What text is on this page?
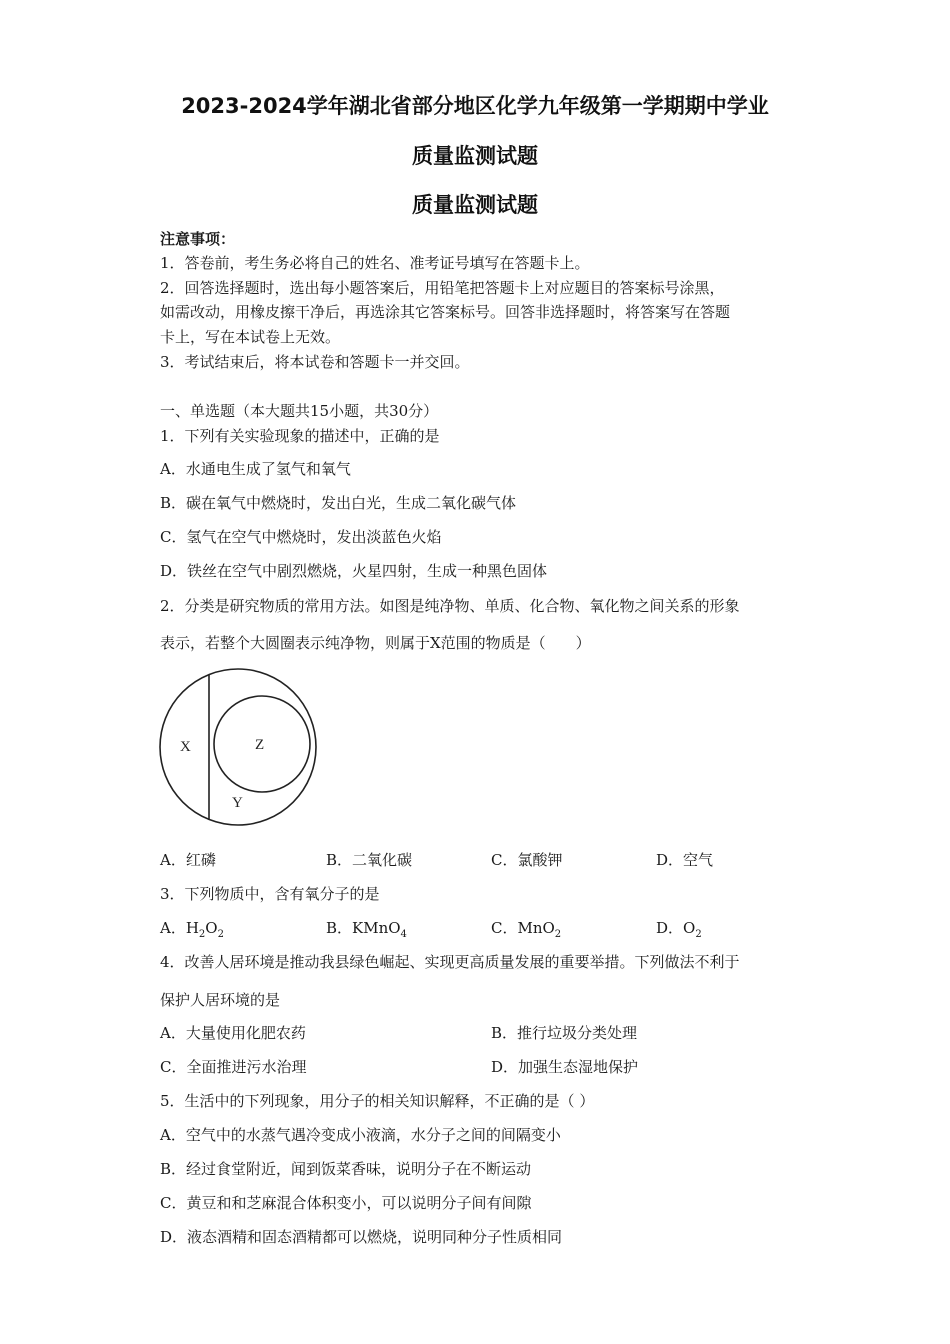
2023-2024学年湖北省部分地区化学九年级第一学期期中学业
质量监测试题
质量监测试题
注意事项：
1．答卷前，考生务必将自己的姓名、准考证号填写在答题卡上。
2．回答选择题时，选出每小题答案后，用铅笔把答题卡上对应题目的答案标号涂黑，
如需改动，用橡皮擦干净后，再选涂其它答案标号。回答非选择题时，将答案写在答题
卡上，写在本试卷上无效。
3．考试结束后，将本试卷和答题卡一并交回。
一、单选题（本大题共15小题，共30分）
1．下列有关实验现象的描述中，正确的是
A．水通电生成了氢气和氧气
B．碳在氧气中燃烧时，发出白光，生成二氧化碳气体
C．氢气在空气中燃烧时，发出淡蓝色火焰
D．铁丝在空气中剧烈燃烧，火星四射，生成一种黑色固体
2．分类是研究物质的常用方法。如图是纯净物、单质、化合物、氧化物之间关系的形象
表示，若整个大圆圈表示纯净物，则属于X范围的物质是（　　）
X	Z
Y
A．红磷	B．二氧化碳	C．氯酸钾	D．空气
3．下列物质中，含有氧分子的是
A．$H_2O_2$	B．KMnO$_4$	C．MnO$_2$	D．$O_2$
4．改善人居环境是推动我县绿色崛起、实现更高质量发展的重要举措。下列做法不利于
保护人居环境的是
A．大量使用化肥农药	B．推行垃圾分类处理
C．全面推进污水治理	D．加强生态湿地保护
5．生活中的下列现象，用分子的相关知识解释，不正确的是（ ）
A．空气中的水蒸气遇冷变成小液滴，水分子之间的间隔变小
B．经过食堂附近，闻到饭菜香味，说明分子在不断运动
C．黄豆和和芝麻混合体积变小，可以说明分子间有间隙
D．液态酒精和固态酒精都可以燃烧，说明同种分子性质相同
